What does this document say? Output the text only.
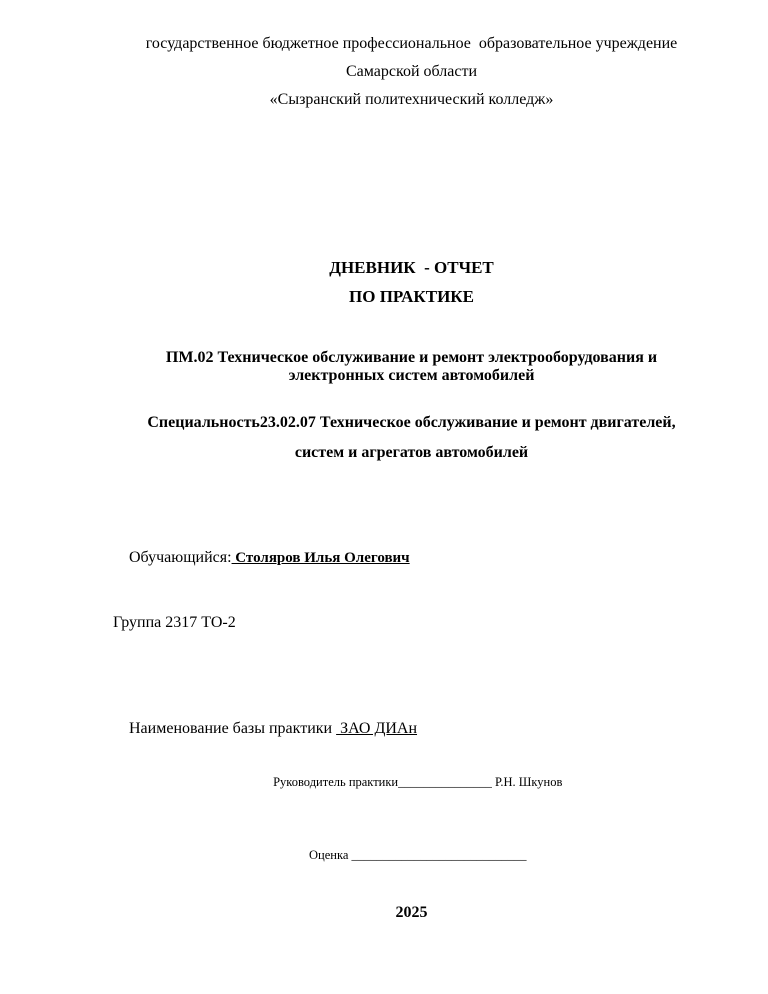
государственное бюджетное профессиональное  образовательное учреждение
Самарской области
«Сызранский политехнический колледж»
ДНЕВНИК  - ОТЧЕТ
ПО ПРАКТИКЕ
ПМ.02 Техническое обслуживание и ремонт электрооборудования и
электронных систем автомобилей
Специальность23.02.07 Техническое обслуживание и ремонт двигателей,
систем и агрегатов автомобилей

Обучающийся: Столяров Илья Олегович

Группа 2317 ТО-2

Наименование базы практики  ЗАО ДИАн

Руководитель практики_______________ Р.Н. Шкунов

Оценка ____________________________

2025
